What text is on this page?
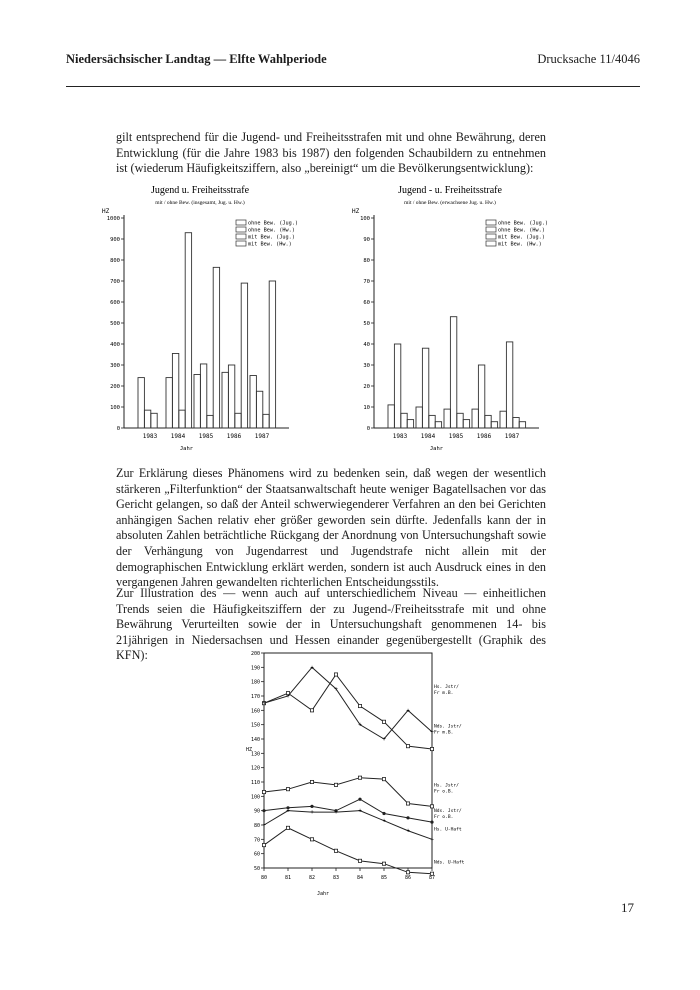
Niedersächsischer Landtag — Elfte Wahlperiode	Drucksache 11/4046
gilt entsprechend für die Jugend- und Freiheitsstrafen mit und ohne Bewährung, deren Entwicklung (für die Jahre 1983 bis 1987) den folgenden Schaubildern zu entnehmen ist (wiederum Häufigkeitsziffern, also „bereinigt“ um die Bevölkerungsentwicklung):
Jugend u. Freiheitsstrafe
mit / ohne Bew. (insgesamt, Jug. u. Hw.)
HZ
0
100
200
300
400
500
600
700
800
900
1000
1983 1984 1985 1986 1987
Jahr
ohne Bew. (Jug.)
ohne Bew. (Hw.)
mit Bew. (Jug.)
mit Bew. (Hw.)
Jugend - u. Freiheitsstrafe
mit / ohne Bew. (erwachsene Jug. u. Hw.)
HZ
0
10
20
30
40
50
60
70
80
90
100
1983 1984 1985 1986 1987
Jahr
ohne Bew. (Jug.)
ohne Bew. (Hw.)
mit Bew. (Jug.)
mit Bew. (Hw.)
Zur Erklärung dieses Phänomens wird zu bedenken sein, daß wegen der wesentlich stärkeren „Filterfunktion“ der Staatsanwaltschaft heute weniger Bagatellsachen vor das Gericht gelangen, so daß der Anteil schwerwiegenderer Verfahren an den bei Gerichten anhängigen Sachen relativ eher größer geworden sein dürfte. Jedenfalls kann der in absoluten Zahlen beträchtliche Rückgang der Anordnung von Untersuchungshaft sowie der Verhängung von Jugendarrest und Jugendstrafe nicht allein mit der demographischen Entwicklung erklärt werden, sondern ist auch Ausdruck eines in den vergangenen Jahren gewandelten richterlichen Entscheidungsstils.
Zur Illustration des — wenn auch auf unterschiedlichem Niveau — einheitlichen Trends seien die Häufigkeitsziffern der zu Jugend-/Freiheitsstrafe mit und ohne Bewährung Verurteilten sowie der in Untersuchungshaft genommenen 14- bis 21jährigen in Niedersachsen und Hessen einander gegenübergestellt (Graphik des KFN):
50
60
70
80
90
100
110
120
130
140
150
160
170
180
190
200
HZ
80	81	82	83	84	85	86	87
Jahr
+
+
+
+
+
+
+
+
+
+	+	+	+
+
+
+
Hs. Jstr/
Fr m.B.
Nds. Jstr/
Fr m.B.
Hs. Jstr/
Fr o.B.
Nds. Jstr/
Fr o.B.
Hs. U-Haft
Nds. U-Haft
17
